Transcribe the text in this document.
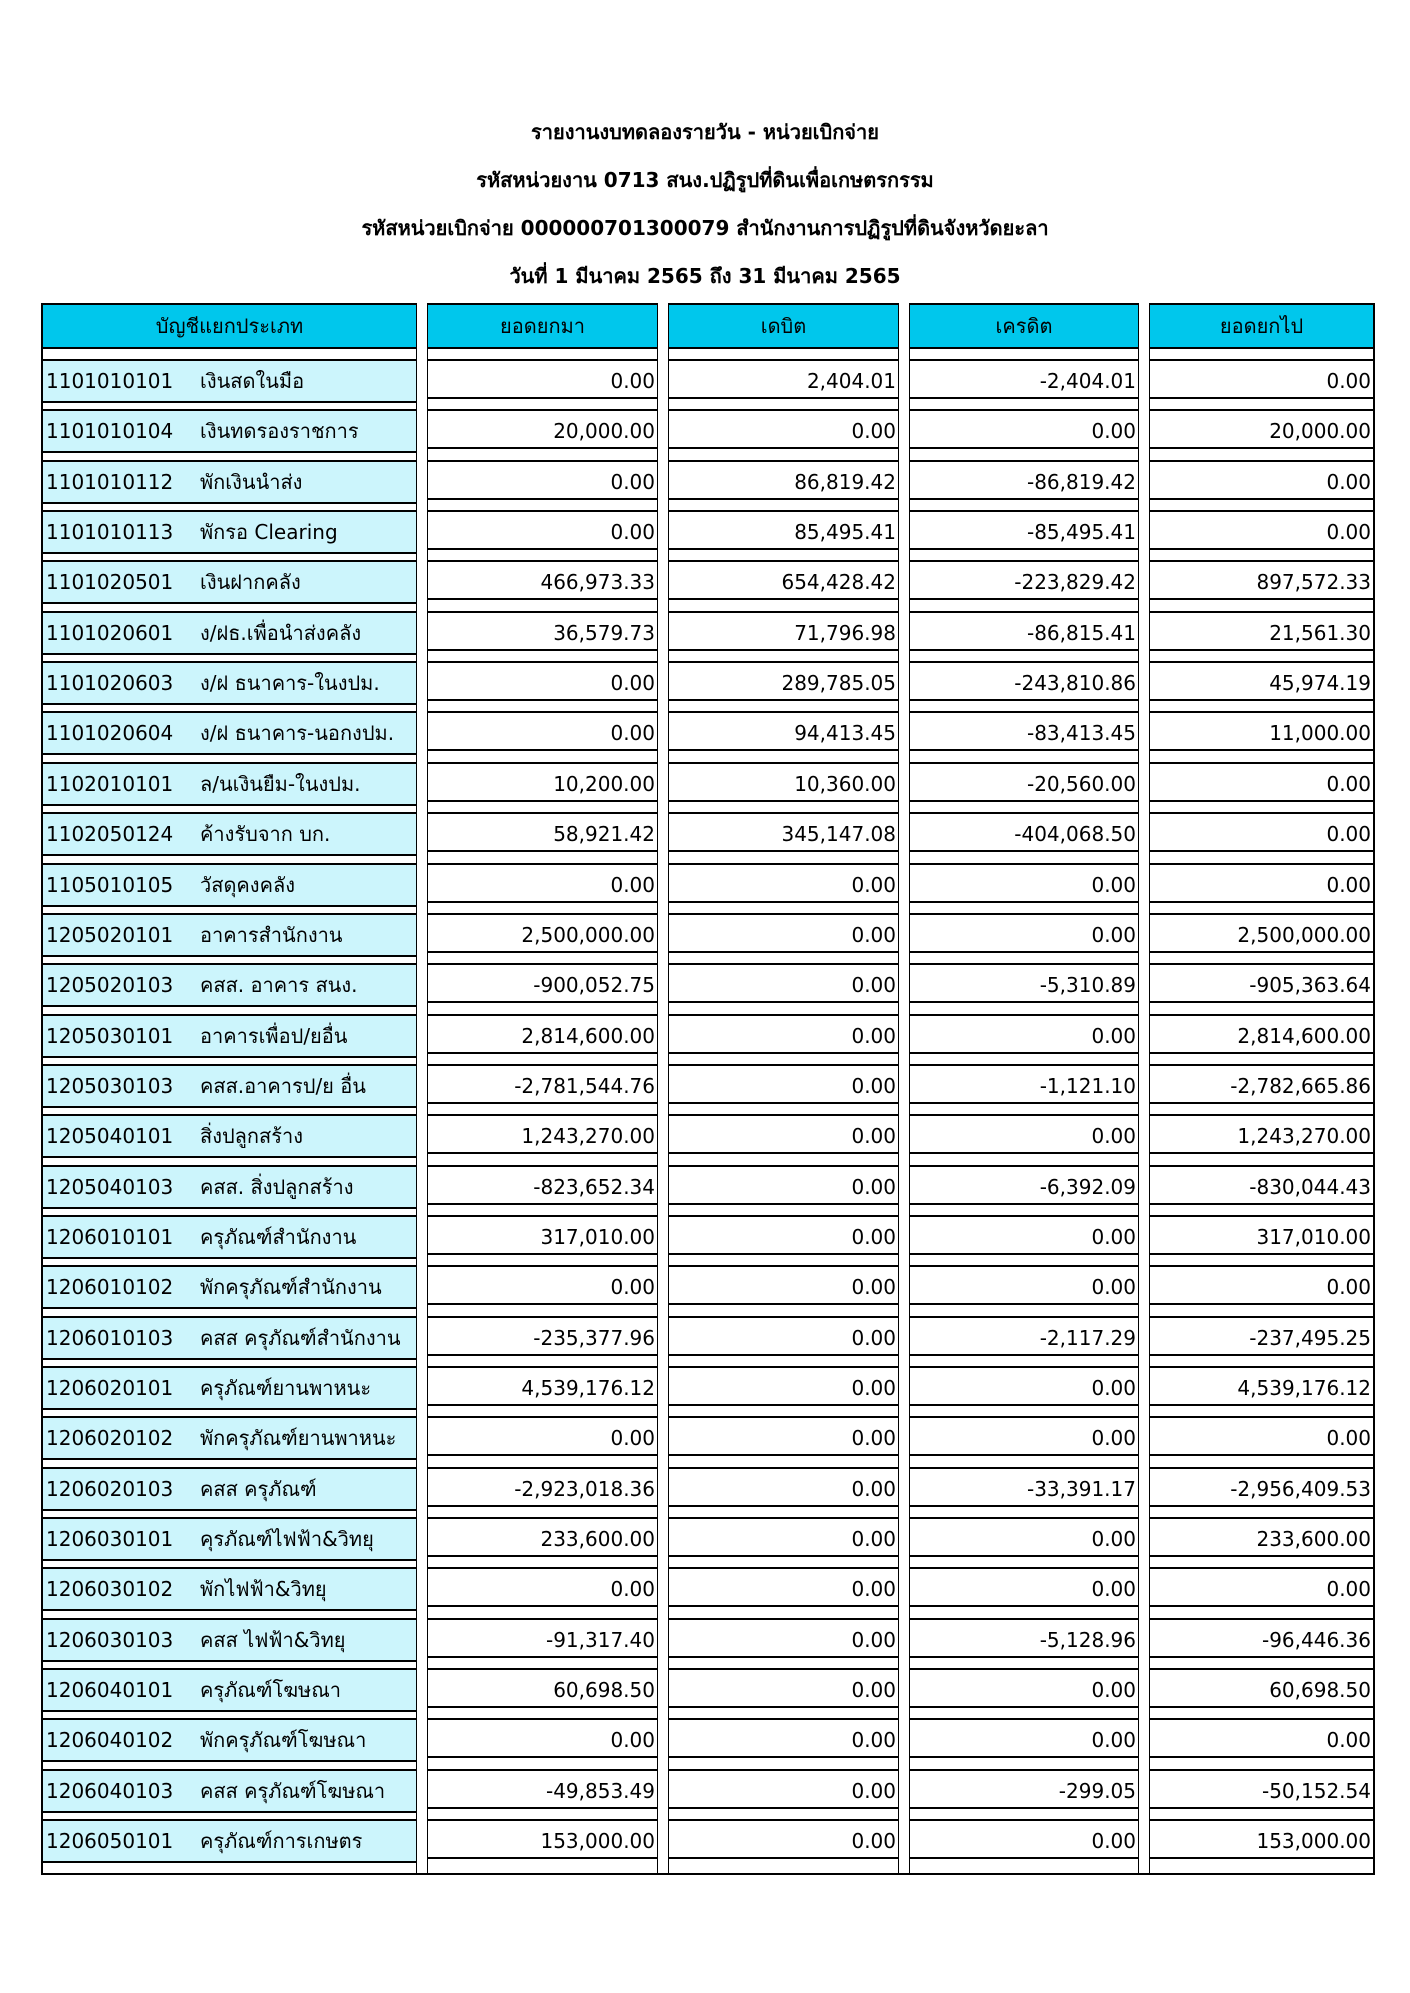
รายงานงบทดลองรายวัน - หน่วยเบิกจ่าย
รหัสหน่วยงาน 0713 สนง.ปฏิรูปที่ดินเพื่อเกษตรกรรม
รหัสหน่วยเบิกจ่าย 000000701300079 สำนักงานการปฏิรูปที่ดินจังหวัดยะลา
วันที่ 1 มีนาคม 2565 ถึง 31 มีนาคม 2565
บัญชีแยกประเภท	ยอดยกมา	เดบิต	เครดิต	ยอดยกไป
1101010101 เงินสดในมือ	0.00	2,404.01	-2,404.01	0.00
1101010104 เงินทดรองราชการ	20,000.00	0.00	0.00	20,000.00
1101010112 พักเงินนำส่ง	0.00	86,819.42	-86,819.42	0.00
1101010113 พักรอ Clearing	0.00	85,495.41	-85,495.41	0.00
1101020501 เงินฝากคลัง	466,973.33	654,428.42	-223,829.42	897,572.33
1101020601 ง/ฝธ.เพื่อนำส่งคลัง	36,579.73	71,796.98	-86,815.41	21,561.30
1101020603 ง/ฝ ธนาคาร-ในงปม.	0.00	289,785.05	-243,810.86	45,974.19
1101020604 ง/ฝ ธนาคาร-นอกงปม.	0.00	94,413.45	-83,413.45	11,000.00
1102010101 ล/นเงินยืม-ในงปม.	10,200.00	10,360.00	-20,560.00	0.00
1102050124 ค้างรับจาก บก.	58,921.42	345,147.08	-404,068.50	0.00
1105010105 วัสดุคงคลัง	0.00	0.00	0.00	0.00
1205020101 อาคารสำนักงาน	2,500,000.00	0.00	0.00	2,500,000.00
1205020103 คสส. อาคาร สนง.	-900,052.75	0.00	-5,310.89	-905,363.64
1205030101 อาคารเพื่อป/ยอื่น	2,814,600.00	0.00	0.00	2,814,600.00
1205030103 คสส.อาคารป/ย อื่น	-2,781,544.76	0.00	-1,121.10	-2,782,665.86
1205040101 สิ่งปลูกสร้าง	1,243,270.00	0.00	0.00	1,243,270.00
1205040103 คสส. สิ่งปลูกสร้าง	-823,652.34	0.00	-6,392.09	-830,044.43
1206010101 ครุภัณฑ์สำนักงาน	317,010.00	0.00	0.00	317,010.00
1206010102 พักครุภัณฑ์สำนักงาน	0.00	0.00	0.00	0.00
1206010103 คสส ครุภัณฑ์สำนักงาน	-235,377.96	0.00	-2,117.29	-237,495.25
1206020101 ครุภัณฑ์ยานพาหนะ	4,539,176.12	0.00	0.00	4,539,176.12
1206020102 พักครุภัณฑ์ยานพาหนะ	0.00	0.00	0.00	0.00
1206020103 คสส ครุภัณฑ์	-2,923,018.36	0.00	-33,391.17	-2,956,409.53
1206030101 คุรภัณฑ์ไฟฟ้า&วิทยุ	233,600.00	0.00	0.00	233,600.00
1206030102 พักไฟฟ้า&วิทยุ	0.00	0.00	0.00	0.00
1206030103 คสส ไฟฟ้า&วิทยุ	-91,317.40	0.00	-5,128.96	-96,446.36
1206040101 ครุภัณฑ์โฆษณา	60,698.50	0.00	0.00	60,698.50
1206040102 พักครุภัณฑ์โฆษณา	0.00	0.00	0.00	0.00
1206040103 คสส ครุภัณฑ์โฆษณา	-49,853.49	0.00	-299.05	-50,152.54
1206050101 ครุภัณฑ์การเกษตร	153,000.00	0.00	0.00	153,000.00
